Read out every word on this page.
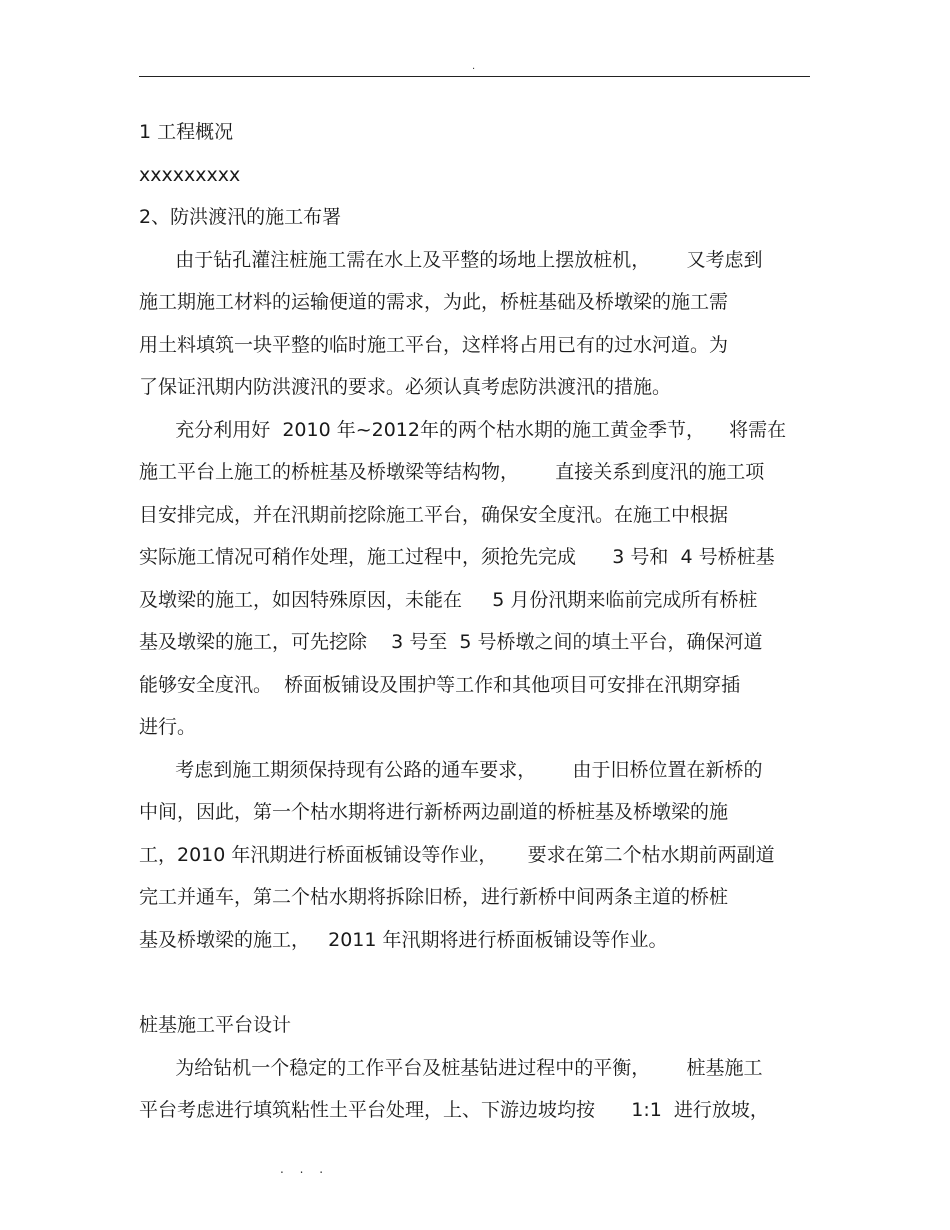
.
1 工程概况
xxxxxxxxx
2、防洪渡汛的施工布署
由于钻孔灌注桩施工需在水上及平整的场地上摆放桩机，      又考虑到
施工期施工材料的运输便道的需求，为此，桥桩基础及桥墩梁的施工需
用土料填筑一块平整的临时施工平台，这样将占用已有的过水河道。为
了保证汛期内防洪渡汛的要求。必须认真考虑防洪渡汛的措施。
充分利用好  2010 年~2012年的两个枯水期的施工黄金季节，    将需在
施工平台上施工的桥桩基及桥墩梁等结构物，      直接关系到度汛的施工项
目安排完成，并在汛期前挖除施工平台，确保安全度汛。在施工中根据
实际施工情况可稍作处理，施工过程中，须抢先完成      3 号和  4 号桥桩基
及墩梁的施工，如因特殊原因，未能在     5 月份汛期来临前完成所有桥桩
基及墩梁的施工，可先挖除    3 号至  5 号桥墩之间的填土平台，确保河道
能够安全度汛。  桥面板铺设及围护等工作和其他项目可安排在汛期穿插
进行。
考虑到施工期须保持现有公路的通车要求，      由于旧桥位置在新桥的
中间，因此，第一个枯水期将进行新桥两边副道的桥桩基及桥墩梁的施
工，2010 年汛期进行桥面板铺设等作业，     要求在第二个枯水期前两副道
完工并通车，第二个枯水期将拆除旧桥，进行新桥中间两条主道的桥桩
基及桥墩梁的施工，   2011 年汛期将进行桥面板铺设等作业。
桩基施工平台设计
为给钻机一个稳定的工作平台及桩基钻进过程中的平衡，      桩基施工
平台考虑进行填筑粘性土平台处理，上、下游边坡均按      1:1  进行放坡，
. . .
